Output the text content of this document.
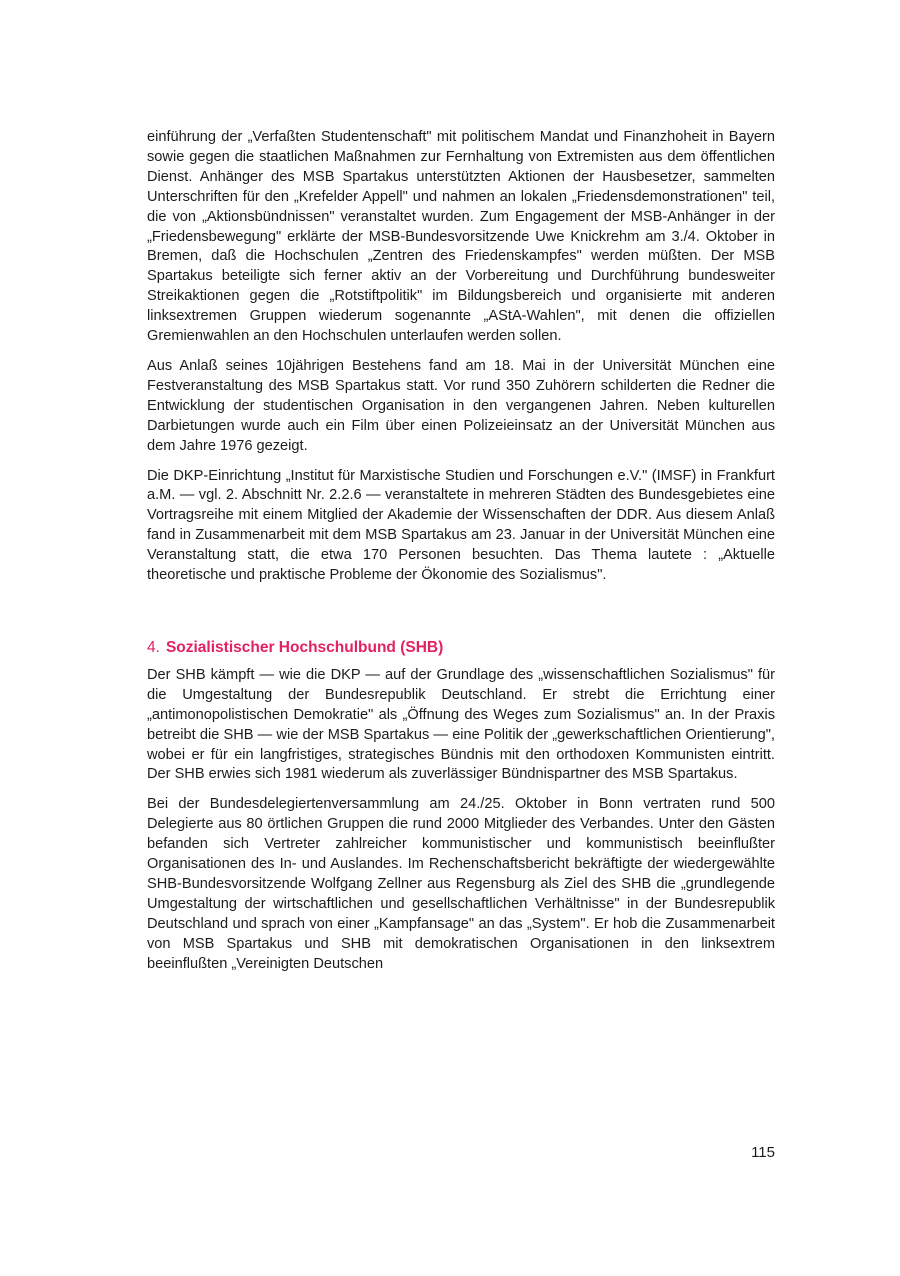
einführung der „Verfaßten Studentenschaft" mit politischem Mandat und Finanzhoheit in Bayern sowie gegen die staatlichen Maßnahmen zur Fernhaltung von Extremisten aus dem öffentlichen Dienst. Anhänger des MSB Spartakus unterstützten Aktionen der Hausbesetzer, sammelten Unterschriften für den „Krefelder Appell" und nahmen an lokalen „Friedensdemonstrationen" teil, die von „Aktionsbündnissen" veranstaltet wurden. Zum Engagement der MSB-Anhänger in der „Friedensbewegung" erklärte der MSB-Bundesvorsitzende Uwe Knickrehm am 3./4. Oktober in Bremen, daß die Hochschulen „Zentren des Friedenskampfes" werden müßten. Der MSB Spartakus beteiligte sich ferner aktiv an der Vorbereitung und Durchführung bundesweiter Streikaktionen gegen die „Rotstiftpolitik" im Bildungsbereich und organisierte mit anderen linksextremen Gruppen wiederum sogenannte „AStA-Wahlen", mit denen die offiziellen Gremienwahlen an den Hochschulen unterlaufen werden sollen.

Aus Anlaß seines 10jährigen Bestehens fand am 18. Mai in der Universität München eine Festveranstaltung des MSB Spartakus statt. Vor rund 350 Zuhörern schilderten die Redner die Entwicklung der studentischen Organisation in den vergangenen Jahren. Neben kulturellen Darbietungen wurde auch ein Film über einen Polizeieinsatz an der Universität München aus dem Jahre 1976 gezeigt.

Die DKP-Einrichtung „Institut für Marxistische Studien und Forschungen e.V." (IMSF) in Frankfurt a.M. — vgl. 2. Abschnitt Nr. 2.2.6 — veranstaltete in mehreren Städten des Bundesgebietes eine Vortragsreihe mit einem Mitglied der Akademie der Wissenschaften der DDR. Aus diesem Anlaß fand in Zusammenarbeit mit dem MSB Spartakus am 23. Januar in der Universität München eine Veranstaltung statt, die etwa 170 Personen besuchten. Das Thema lautete : „Aktuelle theoretische und praktische Probleme der Ökonomie des Sozialismus".

4. Sozialistischer Hochschulbund (SHB)

Der SHB kämpft — wie die DKP — auf der Grundlage des „wissenschaftlichen Sozialismus" für die Umgestaltung der Bundesrepublik Deutschland. Er strebt die Errichtung einer „antimonopolistischen Demokratie" als „Öffnung des Weges zum Sozialismus" an. In der Praxis betreibt die SHB — wie der MSB Spartakus — eine Politik der „gewerkschaftlichen Orientierung", wobei er für ein langfristiges, strategisches Bündnis mit den orthodoxen Kommunisten eintritt. Der SHB erwies sich 1981 wiederum als zuverlässiger Bündnispartner des MSB Spartakus.

Bei der Bundesdelegiertenversammlung am 24./25. Oktober in Bonn vertraten rund 500 Delegierte aus 80 örtlichen Gruppen die rund 2000 Mitglieder des Verbandes. Unter den Gästen befanden sich Vertreter zahlreicher kommunistischer und kommunistisch beeinflußter Organisationen des In- und Auslandes. Im Rechenschaftsbericht bekräftigte der wiedergewählte SHB-Bundesvorsitzende Wolfgang Zellner aus Regensburg als Ziel des SHB die „grundlegende Umgestaltung der wirtschaftlichen und gesellschaftlichen Verhältnisse" in der Bundesrepublik Deutschland und sprach von einer „Kampfansage" an das „System". Er hob die Zusammenarbeit von MSB Spartakus und SHB mit demokratischen Organisationen in den linksextrem beeinflußten „Vereinigten Deutschen

115
